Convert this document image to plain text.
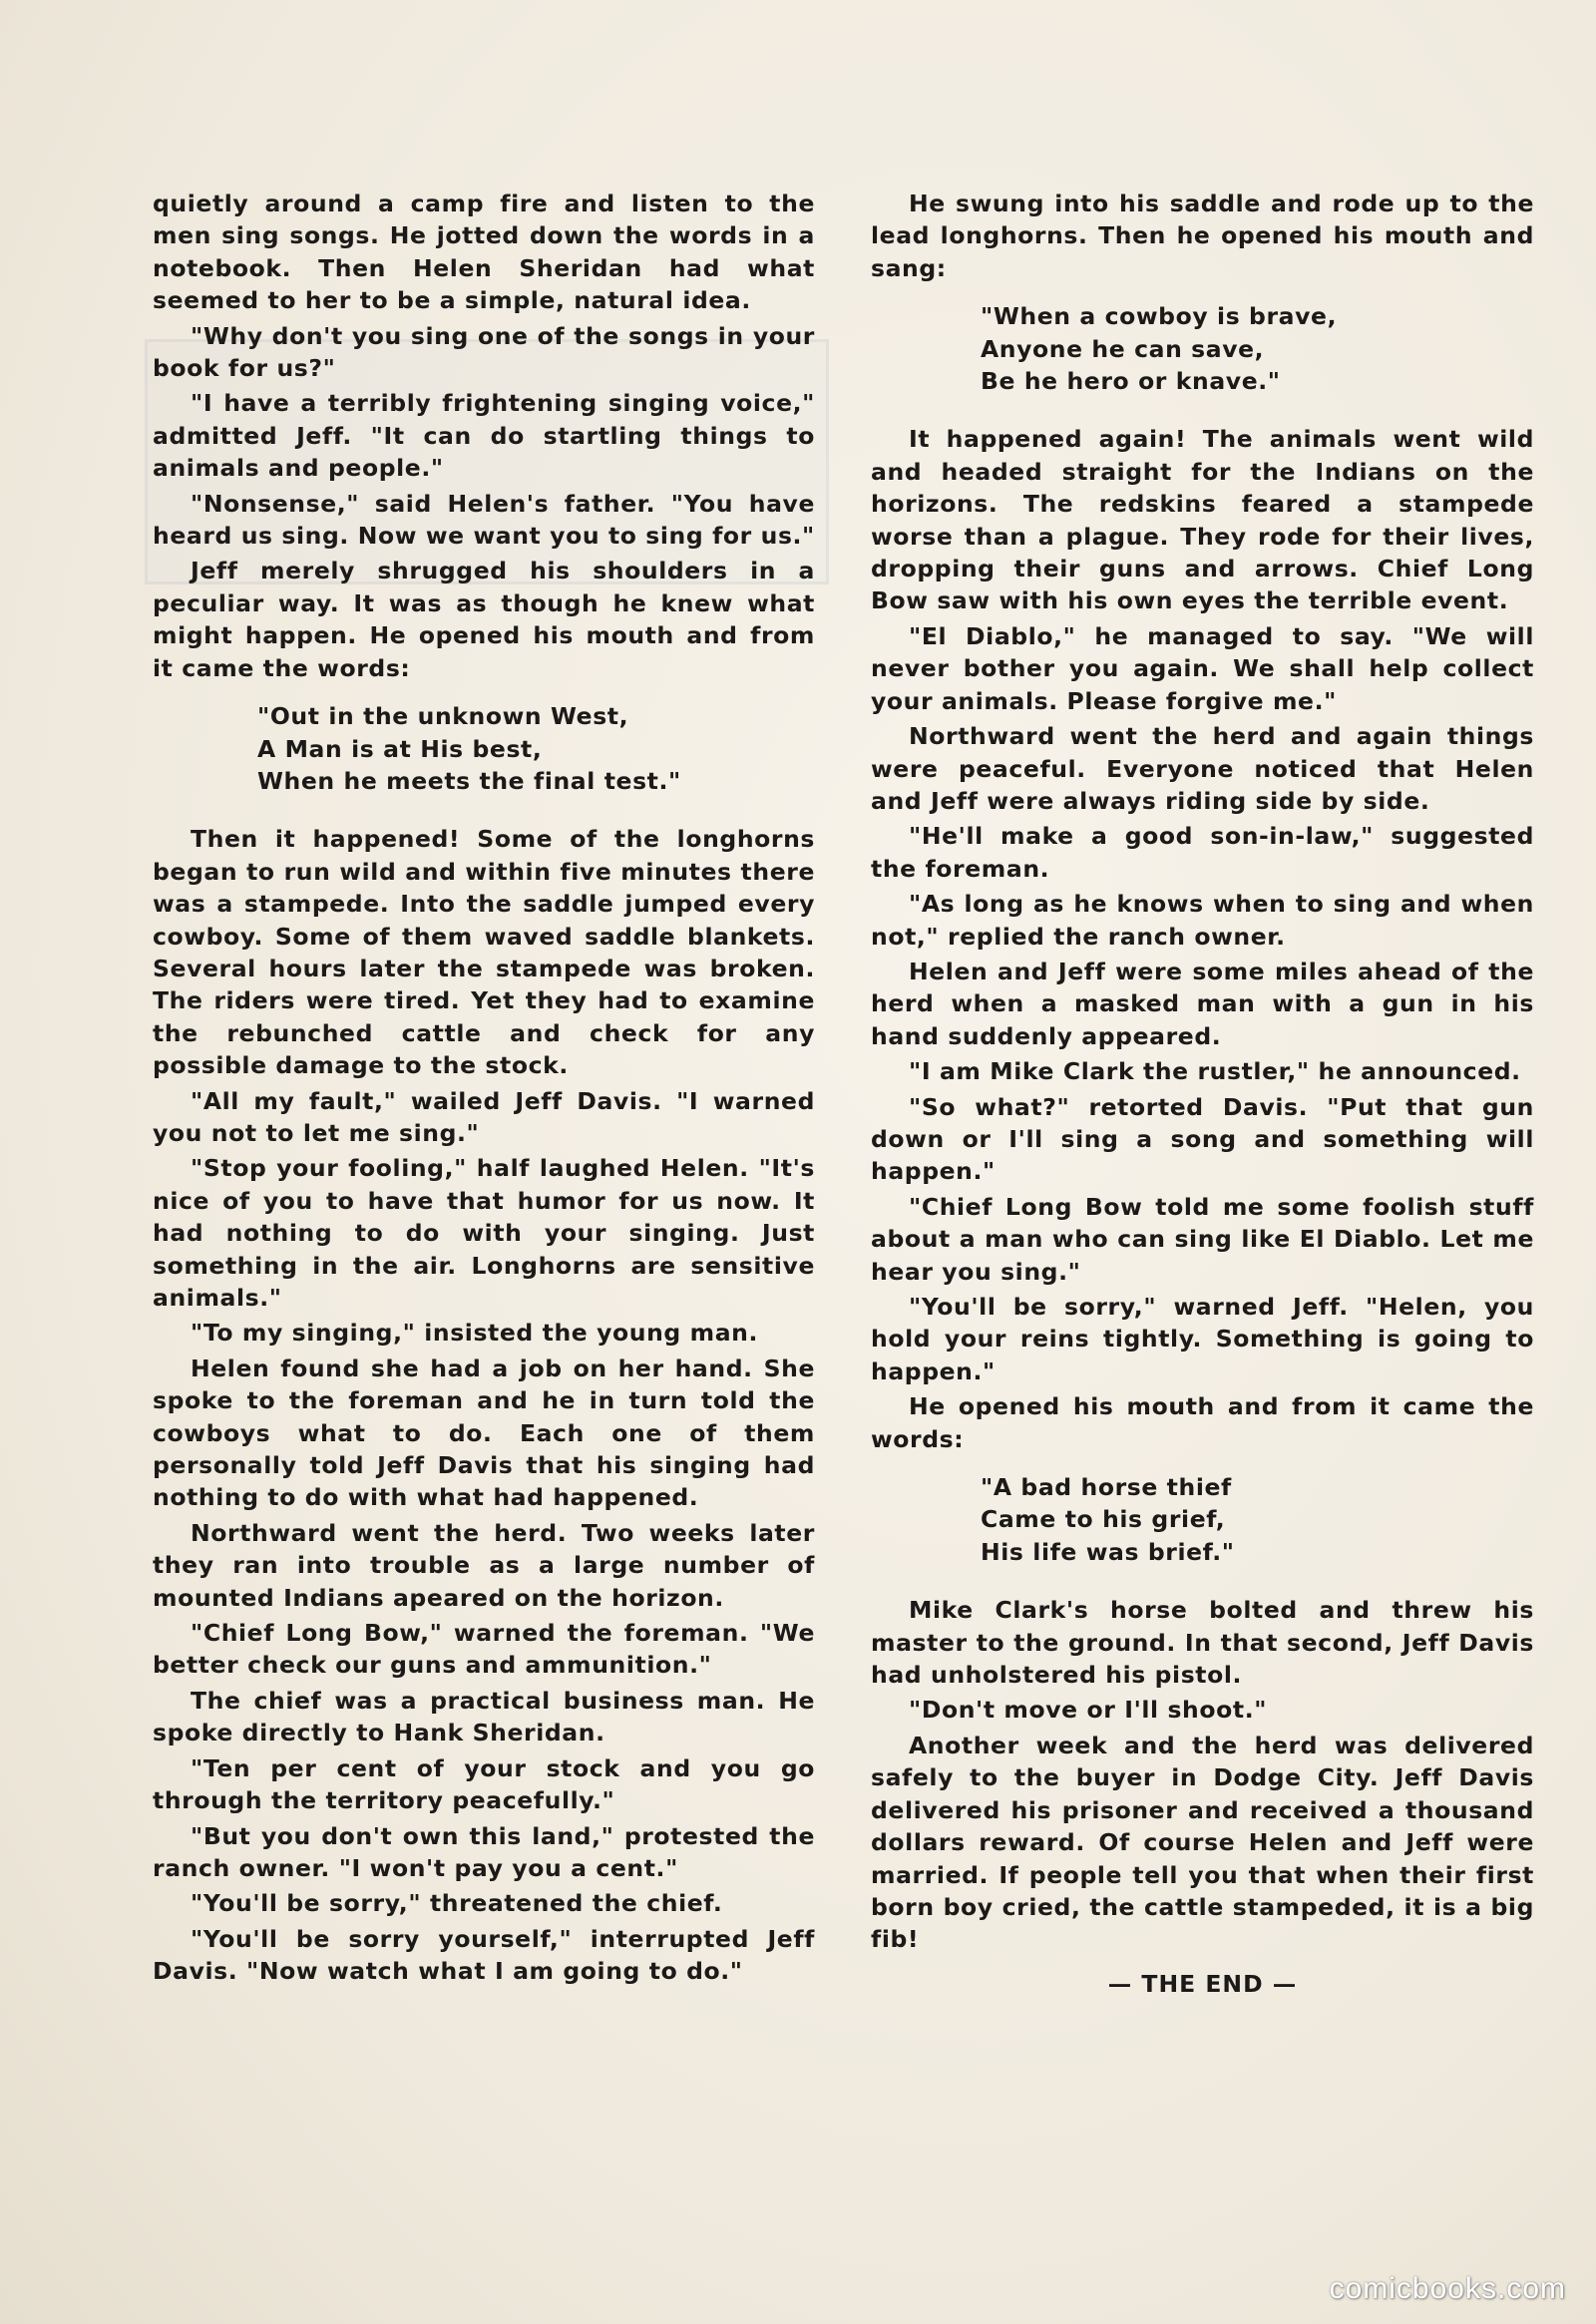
quietly around a camp fire and listen to the men sing songs. He jotted down the words in a notebook. Then Helen Sheridan had what seemed to her to be a simple, natural idea.

"Why don't you sing one of the songs in your book for us?"

"I have a terribly frightening singing voice," admitted Jeff. "It can do startling things to animals and people."

"Nonsense," said Helen's father. "You have heard us sing. Now we want you to sing for us."

Jeff merely shrugged his shoulders in a peculiar way. It was as though he knew what might happen. He opened his mouth and from it came the words:

"Out in the unknown West,
A Man is at His best,
When he meets the final test."

Then it happened! Some of the longhorns began to run wild and within five minutes there was a stampede. Into the saddle jumped every cowboy. Some of them waved saddle blankets. Several hours later the stampede was broken. The riders were tired. Yet they had to examine the rebunched cattle and check for any possible damage to the stock.

"All my fault," wailed Jeff Davis. "I warned you not to let me sing."

"Stop your fooling," half laughed Helen. "It's nice of you to have that humor for us now. It had nothing to do with your singing. Just something in the air. Longhorns are sensitive animals."

"To my singing," insisted the young man.

Helen found she had a job on her hand. She spoke to the foreman and he in turn told the cowboys what to do. Each one of them personally told Jeff Davis that his singing had nothing to do with what had happened.

Northward went the herd. Two weeks later they ran into trouble as a large number of mounted Indians apeared on the horizon.

"Chief Long Bow," warned the foreman. "We better check our guns and ammunition."

The chief was a practical business man. He spoke directly to Hank Sheridan.

"Ten per cent of your stock and you go through the territory peacefully."

"But you don't own this land," protested the ranch owner. "I won't pay you a cent."

"You'll be sorry," threatened the chief.

"You'll be sorry yourself," interrupted Jeff Davis. "Now watch what I am going to do."

He swung into his saddle and rode up to the lead longhorns. Then he opened his mouth and sang:

"When a cowboy is brave,
Anyone he can save,
Be he hero or knave."

It happened again! The animals went wild and headed straight for the Indians on the horizons. The redskins feared a stampede worse than a plague. They rode for their lives, dropping their guns and arrows. Chief Long Bow saw with his own eyes the terrible event.

"El Diablo," he managed to say. "We will never bother you again. We shall help collect your animals. Please forgive me."

Northward went the herd and again things were peaceful. Everyone noticed that Helen and Jeff were always riding side by side.

"He'll make a good son-in-law," suggested the foreman.

"As long as he knows when to sing and when not," replied the ranch owner.

Helen and Jeff were some miles ahead of the herd when a masked man with a gun in his hand suddenly appeared.

"I am Mike Clark the rustler," he announced.

"So what?" retorted Davis. "Put that gun down or I'll sing a song and something will happen."

"Chief Long Bow told me some foolish stuff about a man who can sing like El Diablo. Let me hear you sing."

"You'll be sorry," warned Jeff. "Helen, you hold your reins tightly. Something is going to happen."

He opened his mouth and from it came the words:

"A bad horse thief
Came to his grief,
His life was brief."

Mike Clark's horse bolted and threw his master to the ground. In that second, Jeff Davis had unholstered his pistol.

"Don't move or I'll shoot."

Another week and the herd was delivered safely to the buyer in Dodge City. Jeff Davis delivered his prisoner and received a thousand dollars reward. Of course Helen and Jeff were married. If people tell you that when their first born boy cried, the cattle stampeded, it is a big fib!

— THE END —
comicbooks.com
